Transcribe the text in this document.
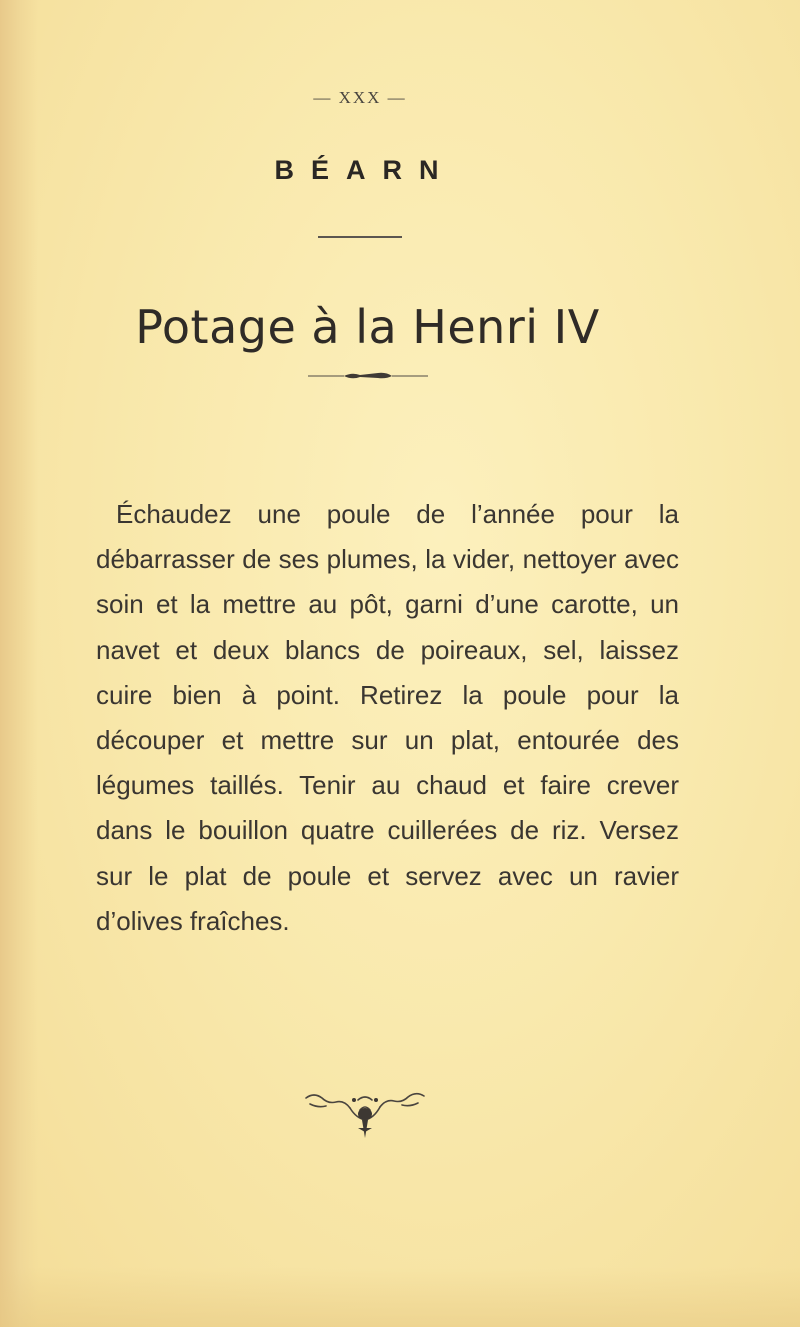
— XXX —
BÉARN
Potage à la Henri IV

Échaudez une poule de l’année pour la débarrasser de ses plumes, la vider, nettoyer avec soin et la mettre au pôt, garni d’une carotte, un navet et deux blancs de poireaux, sel, laissez cuire bien à point. Retirez la poule pour la découper et mettre sur un plat, entourée des légumes taillés. Tenir au chaud et faire crever dans le bouillon quatre cuillerées de riz. Versez sur le plat de poule et servez avec un ravier d’olives fraîches.
